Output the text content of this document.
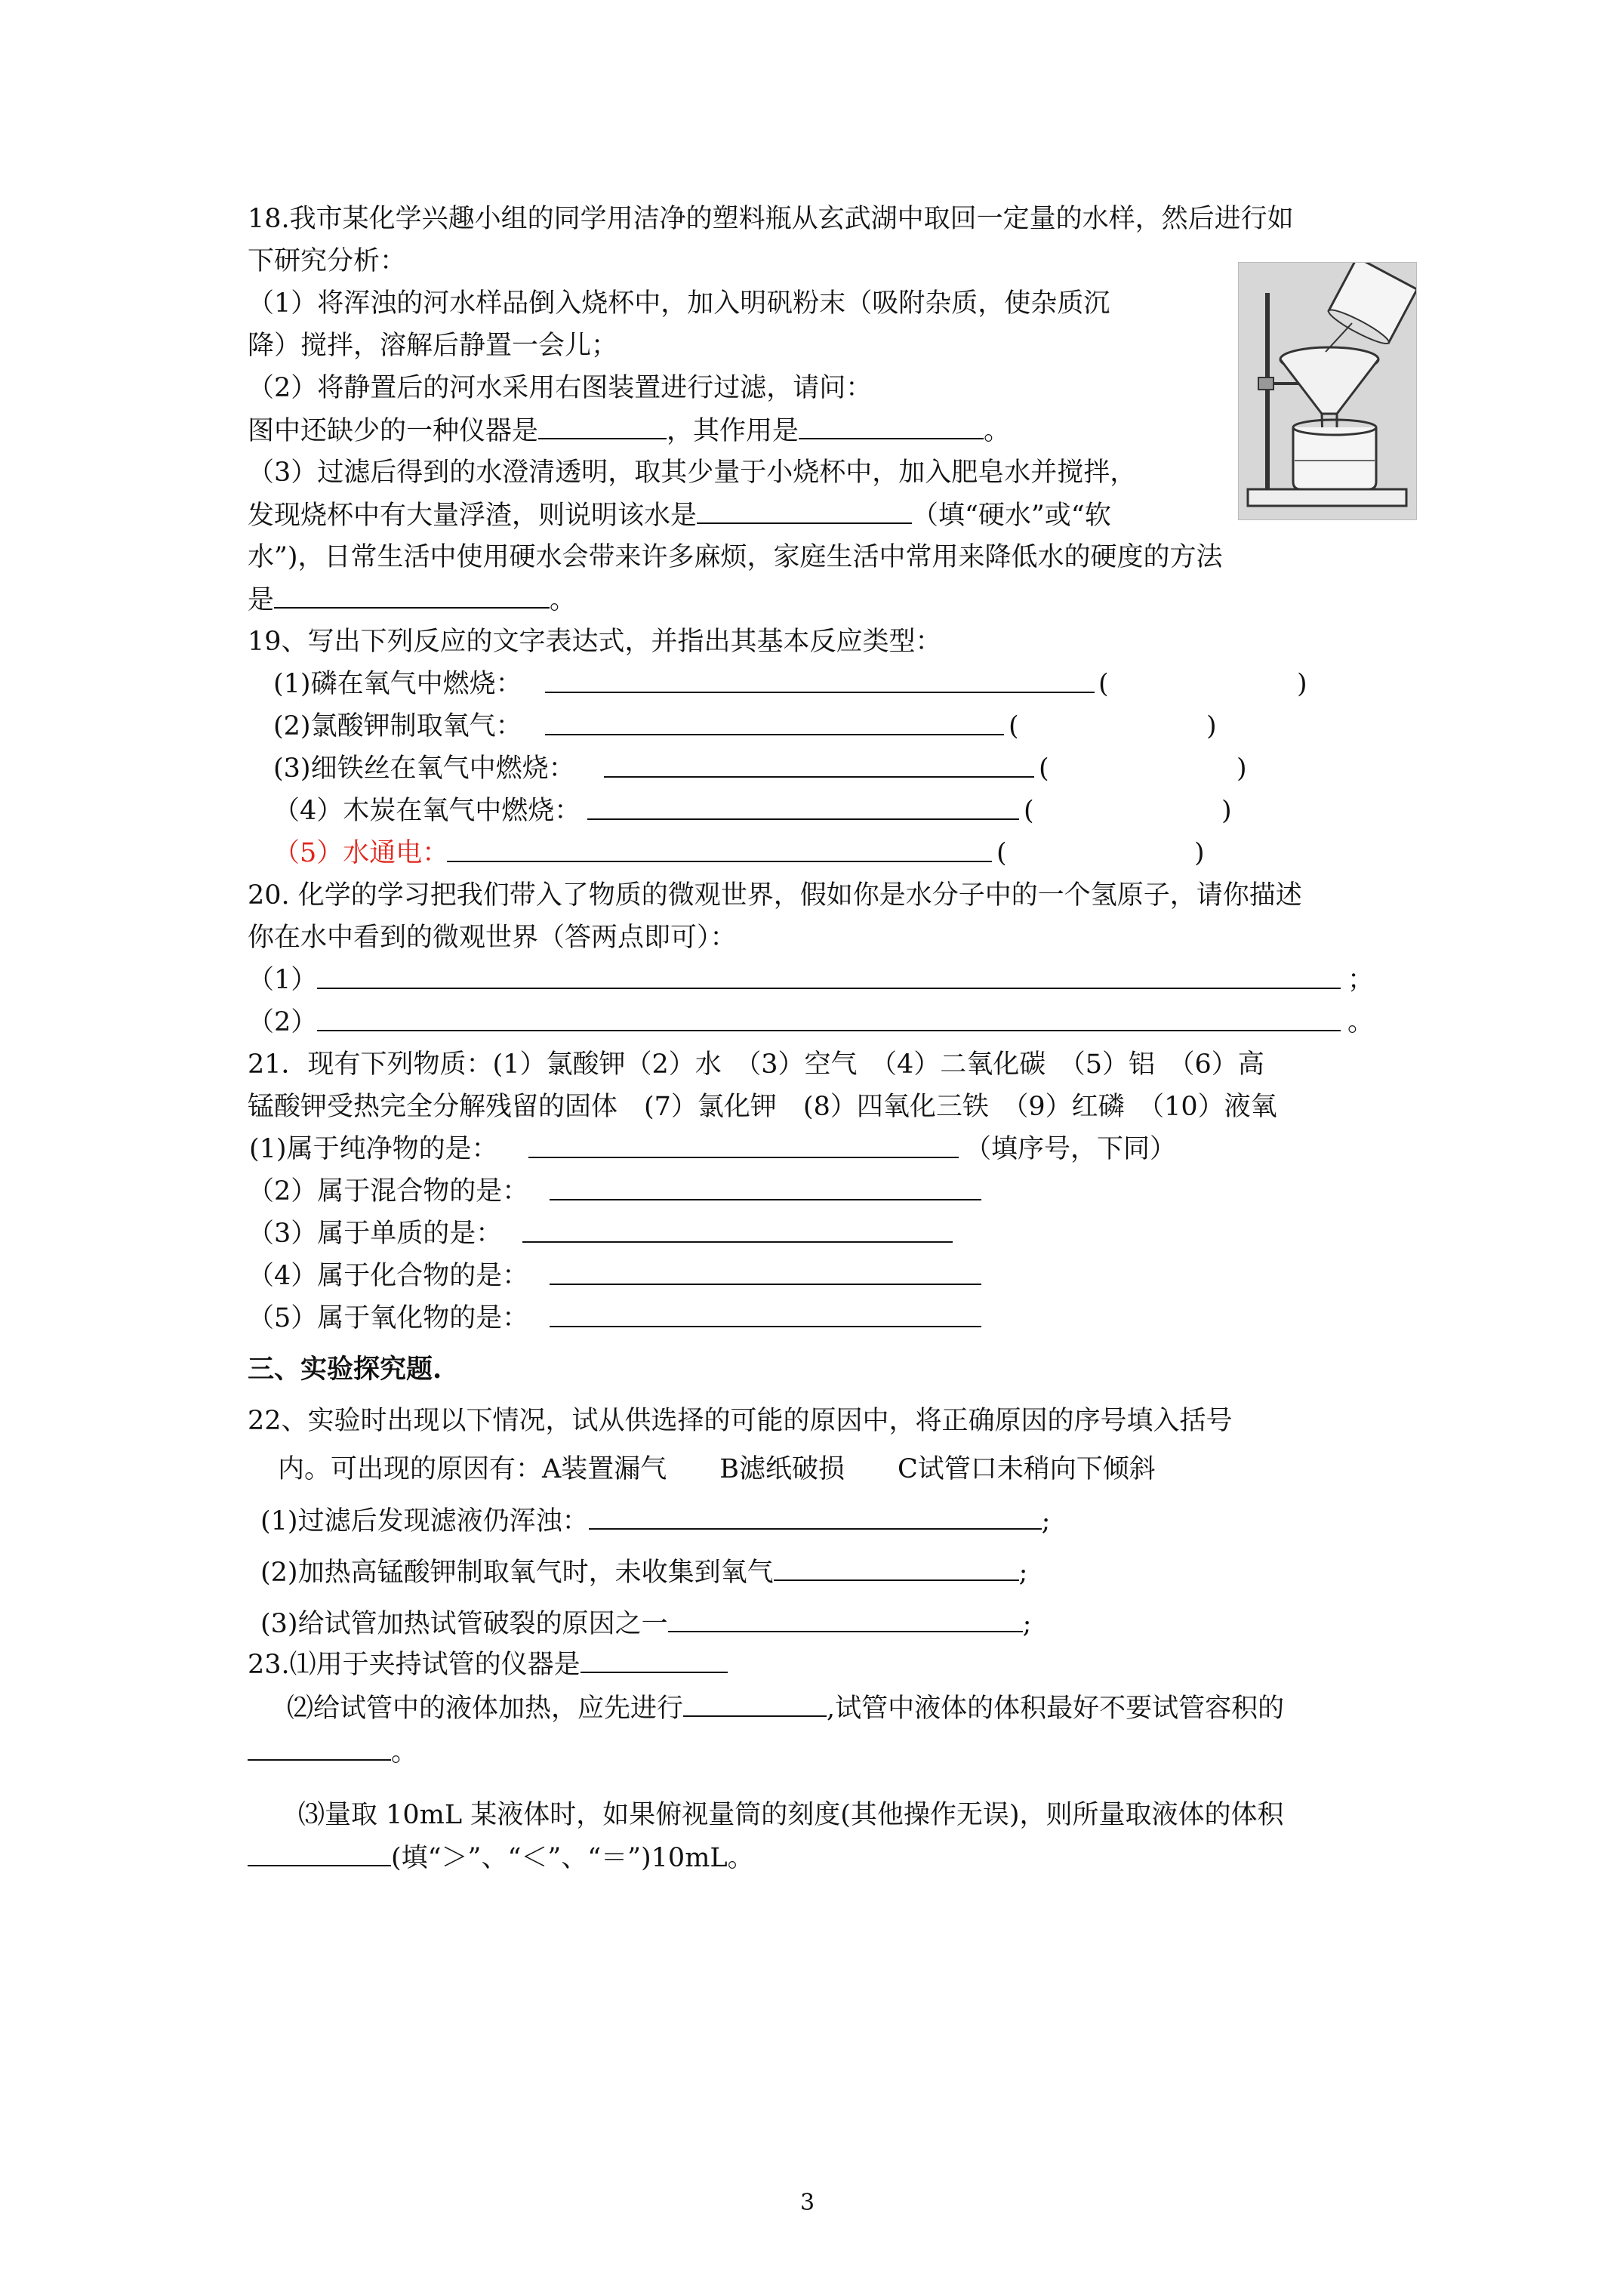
18.我市某化学兴趣小组的同学用洁净的塑料瓶从玄武湖中取回一定量的水样，然后进行如
下研究分析：
（1）将浑浊的河水样品倒入烧杯中，加入明矾粉末（吸附杂质，使杂质沉
降）搅拌，溶解后静置一会儿；
（2）将静置后的河水采用右图装置进行过滤，请问：
图中还缺少的一种仪器是	，其作用是	。
（3）过滤后得到的水澄清透明，取其少量于小烧杯中，加入肥皂水并搅拌，
发现烧杯中有大量浮渣，则说明该水是	（填“硬水”或“软
水”)，日常生活中使用硬水会带来许多麻烦，家庭生活中常用来降低水的硬度的方法
是	。
19、写出下列反应的文字表达式，并指出其基本反应类型：
(1)磷在氧气中燃烧：	(	)
(2)氯酸钾制取氧气：	(	)
(3)细铁丝在氧气中燃烧：	(	)
（4）木炭在氧气中燃烧：	(	)
（5）水通电：	(	)
20. 化学的学习把我们带入了物质的微观世界，假如你是水分子中的一个氢原子，请你描述
你在水中看到的微观世界（答两点即可）：
（1）	；
（2）	。
21．现有下列物质：(1）氯酸钾（2）水　（3）空气　（4）二氧化碳　（5）铝　（6）高
锰酸钾受热完全分解残留的固体　(7）氯化钾　(8）四氧化三铁　（9）红磷　（10）液氧
(1)属于纯净物的是：	（填序号，下同）
（2）属于混合物的是：
（3）属于单质的是：
（4）属于化合物的是：
（5）属于氧化物的是：
三、实验探究题.
22、实验时出现以下情况，试从供选择的可能的原因中，将正确原因的序号填入括号
内。可出现的原因有：A装置漏气　　B滤纸破损　　C试管口未稍向下倾斜
(1)过滤后发现滤液仍浑浊：	;
(2)加热高锰酸钾制取氧气时，未收集到氧气	;
(3)给试管加热试管破裂的原因之一	;
23.⑴用于夹持试管的仪器是
⑵给试管中的液体加热，应先进行	,试管中液体的体积最好不要试管容积的
。
⑶量取 10mL 某液体时，如果俯视量筒的刻度(其他操作无误)，则所量取液体的体积
(填“＞”、“＜”、“＝”)10mL。
3
